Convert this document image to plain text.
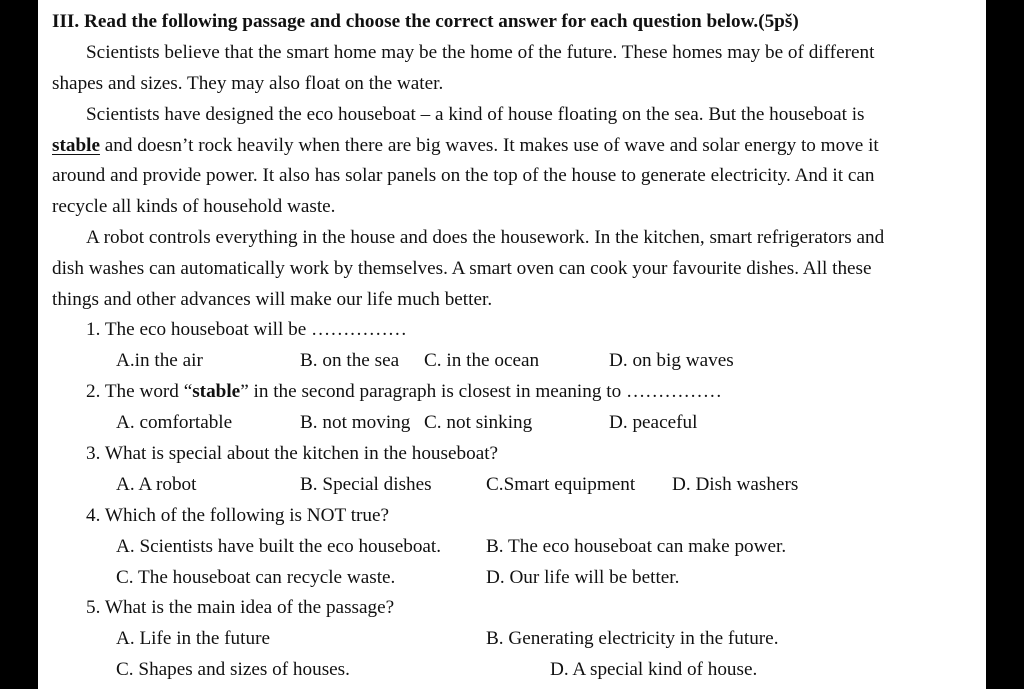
III. Read the following passage and choose the correct answer for each question below.(5pš)
Scientists believe that the smart home may be the home of the future. These homes may be of different
shapes and sizes. They may also float on the water.
Scientists have designed the eco houseboat – a kind of house floating on the sea. But the houseboat is
stable and doesn’t rock heavily when there are big waves. It makes use of wave and solar energy to move it
around and provide power. It also has solar panels on the top of the house to generate electricity. And it can
recycle all kinds of household waste.
A robot controls everything in the house and does the housework. In the kitchen, smart refrigerators and
dish washes can automatically work by themselves. A smart oven can cook your favourite dishes. All these
things and other advances will make our life much better.
1. The eco houseboat will be ……………
A.in the air	B. on the sea C. in the ocean	D. on big waves
2. The word “stable” in the second paragraph is closest in meaning to ……………
A. comfortable	B. not moving C. not sinking	D. peaceful
3. What is special about the kitchen in the houseboat?
A. A robot	B. Special dishes	C.Smart equipment D. Dish washers
4. Which of the following is NOT true?
A. Scientists have built the eco houseboat. B. The eco houseboat can make power.
C. The houseboat can recycle waste.	D. Our life will be better.
5. What is the main idea of the passage?
A. Life in the future	B. Generating electricity in the future.
C. Shapes and sizes of houses.	D. A special kind of house.
